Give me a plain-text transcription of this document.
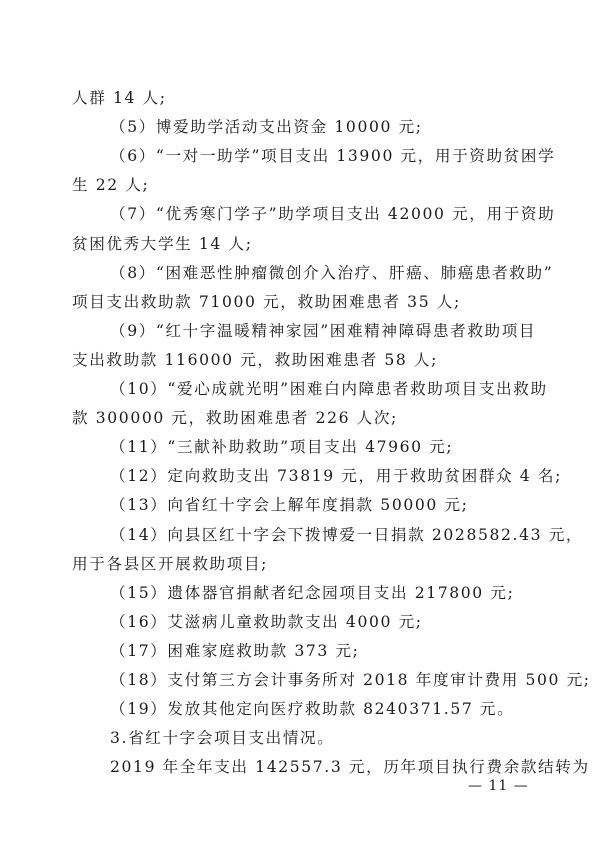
人群 14 人;
（5）博爱助学活动支出资金 10000 元;
（6）“一对一助学”项目支出 13900 元，用于资助贫困学
生 22 人;
（7）“优秀寒门学子”助学项目支出 42000 元，用于资助
贫困优秀大学生 14 人;
（8）“困难恶性肿瘤微创介入治疗、肝癌、肺癌患者救助”
项目支出救助款 71000 元，救助困难患者 35 人;
（9）“红十字温暖精神家园”困难精神障碍患者救助项目
支出救助款 116000 元，救助困难患者 58 人;
（10）“爱心成就光明”困难白内障患者救助项目支出救助
款 300000 元，救助困难患者 226 人次;
（11）“三献补助救助”项目支出 47960 元;
（12）定向救助支出 73819 元，用于救助贫困群众 4 名;
（13）向省红十字会上解年度捐款 50000 元;
（14）向县区红十字会下拨博爱一日捐款 2028582.43 元，
用于各县区开展救助项目;
（15）遗体器官捐献者纪念园项目支出 217800 元;
（16）艾滋病儿童救助款支出 4000 元;
（17）困难家庭救助款 373 元;
（18）支付第三方会计事务所对 2018 年度审计费用 500 元;
（19）发放其他定向医疗救助款 8240371.57 元。
3.省红十字会项目支出情况。
2019 年全年支出 142557.3 元，历年项目执行费余款结转为
— 11 —
